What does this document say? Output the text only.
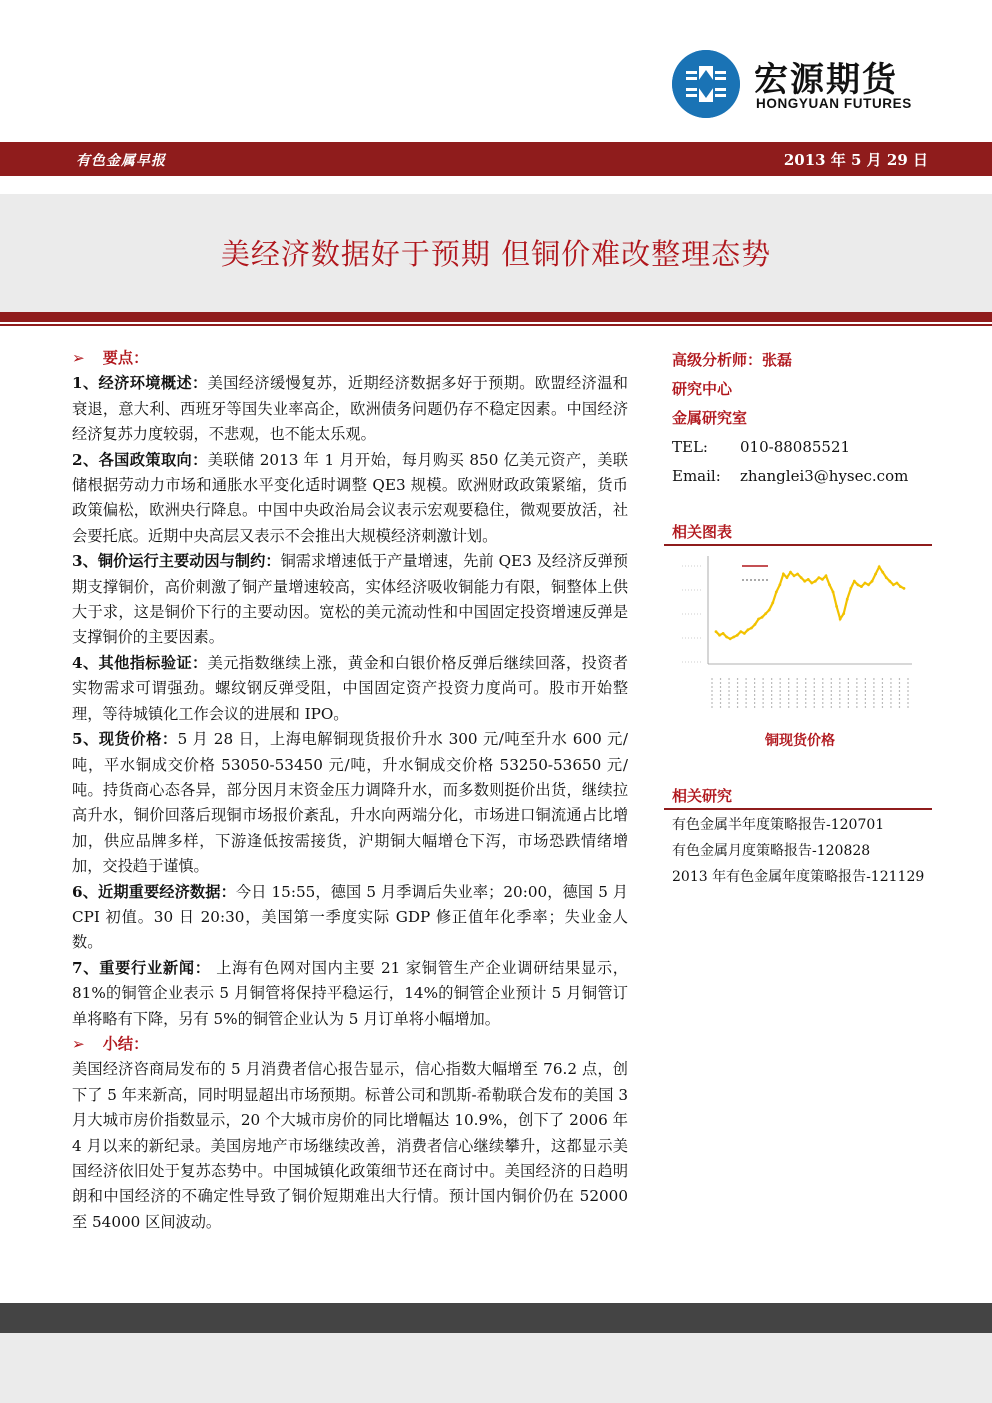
宏源期货
HONGYUAN FUTURES
有色金属早报	2013 年 5 月 29 日
美经济数据好于预期 但铜价难改整理态势

➢ 要点：

1、经济环境概述：美国经济缓慢复苏，近期经济数据多好于预期。欧盟经济温和衰退，意大利、西班牙等国失业率高企，欧洲债务问题仍存不稳定因素。中国经济经济复苏力度较弱，不悲观，也不能太乐观。

2、各国政策取向：美联储 2013 年 1 月开始，每月购买 850 亿美元资产，美联储根据劳动力市场和通胀水平变化适时调整 QE3 规模。欧洲财政政策紧缩，货币政策偏松，欧洲央行降息。中国中央政治局会议表示宏观要稳住，微观要放活，社会要托底。近期中央高层又表示不会推出大规模经济刺激计划。

3、铜价运行主要动因与制约：铜需求增速低于产量增速，先前 QE3 及经济反弹预期支撑铜价，高价刺激了铜产量增速较高，实体经济吸收铜能力有限，铜整体上供大于求，这是铜价下行的主要动因。宽松的美元流动性和中国固定投资增速反弹是支撑铜价的主要因素。

4、其他指标验证：美元指数继续上涨，黄金和白银价格反弹后继续回落，投资者实物需求可谓强劲。螺纹钢反弹受阻，中国固定资产投资力度尚可。股市开始整理，等待城镇化工作会议的进展和 IPO。

5、现货价格：5 月 28 日，上海电解铜现货报价升水 300 元/吨至升水 600 元/吨，平水铜成交价格 53050-53450 元/吨，升水铜成交价格 53250-53650 元/吨。持货商心态各异，部分因月末资金压力调降升水，而多数则挺价出货，继续拉高升水，铜价回落后现铜市场报价紊乱，升水向两端分化，市场进口铜流通占比增加，供应品牌多样，下游逢低按需接货，沪期铜大幅增仓下泻，市场恐跌情绪增加，交投趋于谨慎。

6、近期重要经济数据：今日 15:55，德国 5 月季调后失业率；20:00，德国 5 月 CPI 初值。30 日 20:30，美国第一季度实际 GDP 修正值年化季率；失业金人数。

7、重要行业新闻： 上海有色网对国内主要 21 家铜管生产企业调研结果显示，81%的铜管企业表示 5 月铜管将保持平稳运行，14%的铜管企业预计 5 月铜管订单将略有下降，另有 5%的铜管企业认为 5 月订单将小幅增加。

➢ 小结：

美国经济咨商局发布的 5 月消费者信心报告显示，信心指数大幅增至 76.2 点，创下了 5 年来新高，同时明显超出市场预期。标普公司和凯斯-希勒联合发布的美国 3 月大城市房价指数显示，20 个大城市房价的同比增幅达 10.9%，创下了 2006 年 4 月以来的新纪录。美国房地产市场继续改善，消费者信心继续攀升，这都显示美国经济依旧处于复苏态势中。中国城镇化政策细节还在商讨中。美国经济的日趋明朗和中国经济的不确定性导致了铜价短期难出大行情。预计国内铜价仍在 52000 至 54000 区间波动。

高级分析师：张磊
研究中心
金属研究室
TEL: 010-88085521
Email: zhanglei3@hysec.com
相关图表
铜现货价格
相关研究
有色金属半年度策略报告-120701
有色金属月度策略报告-120828
2013 年有色金属年度策略报告-121129
